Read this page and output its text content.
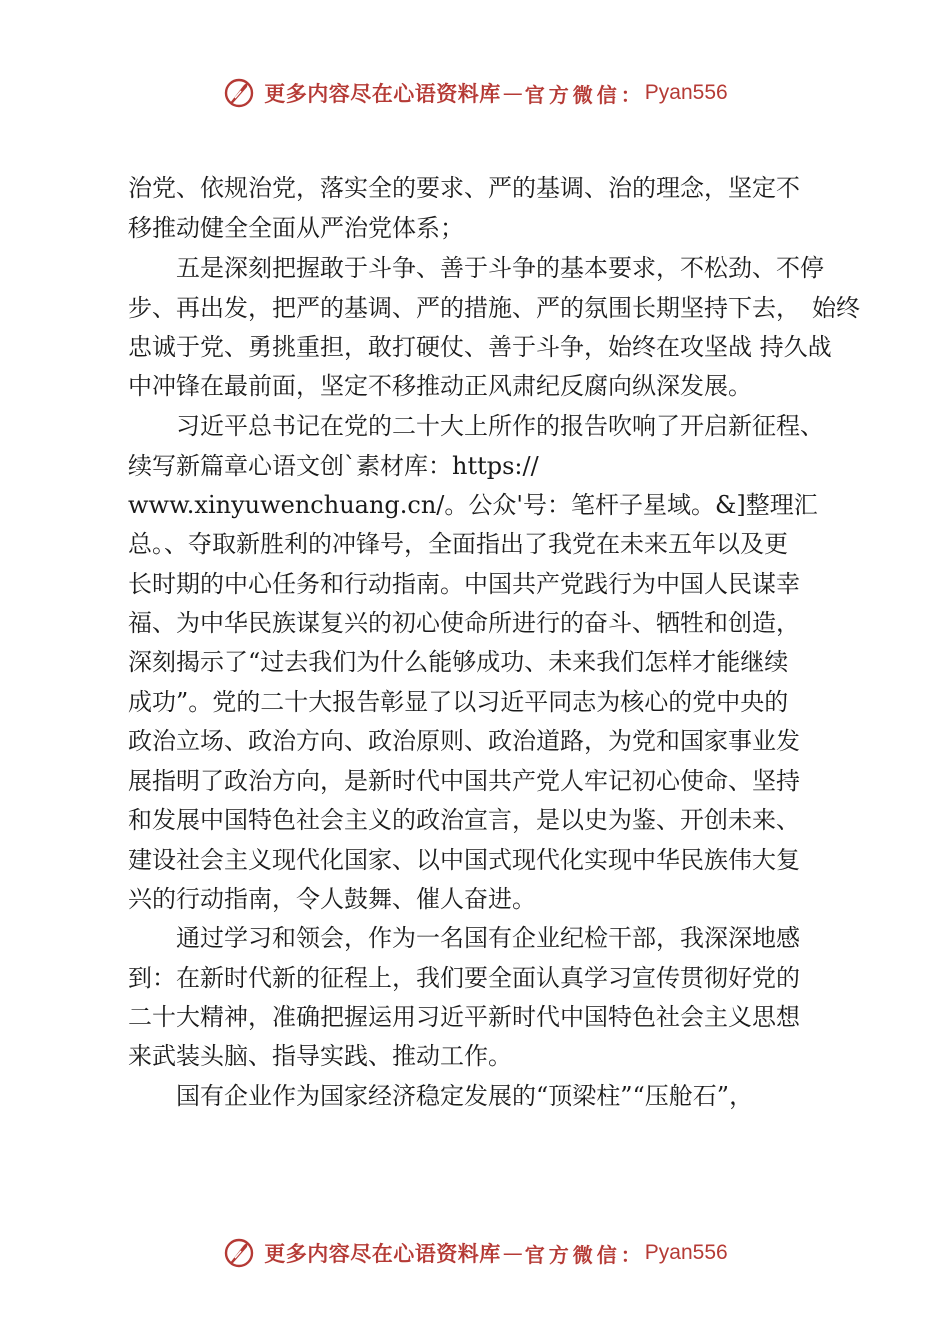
更多内容尽在心语资料库 — 官方微信： Pyan556
治党、依规治党，落实全的要求、严的基调、治的理念，坚定不
移推动健全全面从严治党体系；
　　五是深刻把握敢于斗争、善于斗争的基本要求，不松劲、不停
步、再出发，把严的基调、严的措施、严的氛围长期坚持下去，　始终
忠诚于党、勇挑重担，敢打硬仗、善于斗争，始终在攻坚战 持久战
中冲锋在最前面，坚定不移推动正风肃纪反腐向纵深发展。
　　习近平总书记在党的二十大上所作的报告吹响了开启新征程、
续写新篇章心语文创`素材库：https://
www.xinyuwenchuang.cn/。公众'号：笔杆子星域。&]整理汇
总。、夺取新胜利的冲锋号，全面指出了我党在未来五年以及更
长时期的中心任务和行动指南。中国共产党践行为中国人民谋幸
福、为中华民族谋复兴的初心使命所进行的奋斗、牺牲和创造，
深刻揭示了“过去我们为什么能够成功、未来我们怎样才能继续
成功”。党的二十大报告彰显了以习近平同志为核心的党中央的
政治立场、政治方向、政治原则、政治道路，为党和国家事业发
展指明了政治方向，是新时代中国共产党人牢记初心使命、坚持
和发展中国特色社会主义的政治宣言，是以史为鉴、开创未来、
建设社会主义现代化国家、以中国式现代化实现中华民族伟大复
兴的行动指南，令人鼓舞、催人奋进。
　　通过学习和领会，作为一名国有企业纪检干部，我深深地感
到：在新时代新的征程上，我们要全面认真学习宣传贯彻好党的
二十大精神，准确把握运用习近平新时代中国特色社会主义思想
来武装头脑、指导实践、推动工作。
　　国有企业作为国家经济稳定发展的“顶梁柱”“压舱石”，
更多内容尽在心语资料库 — 官方微信： Pyan556
